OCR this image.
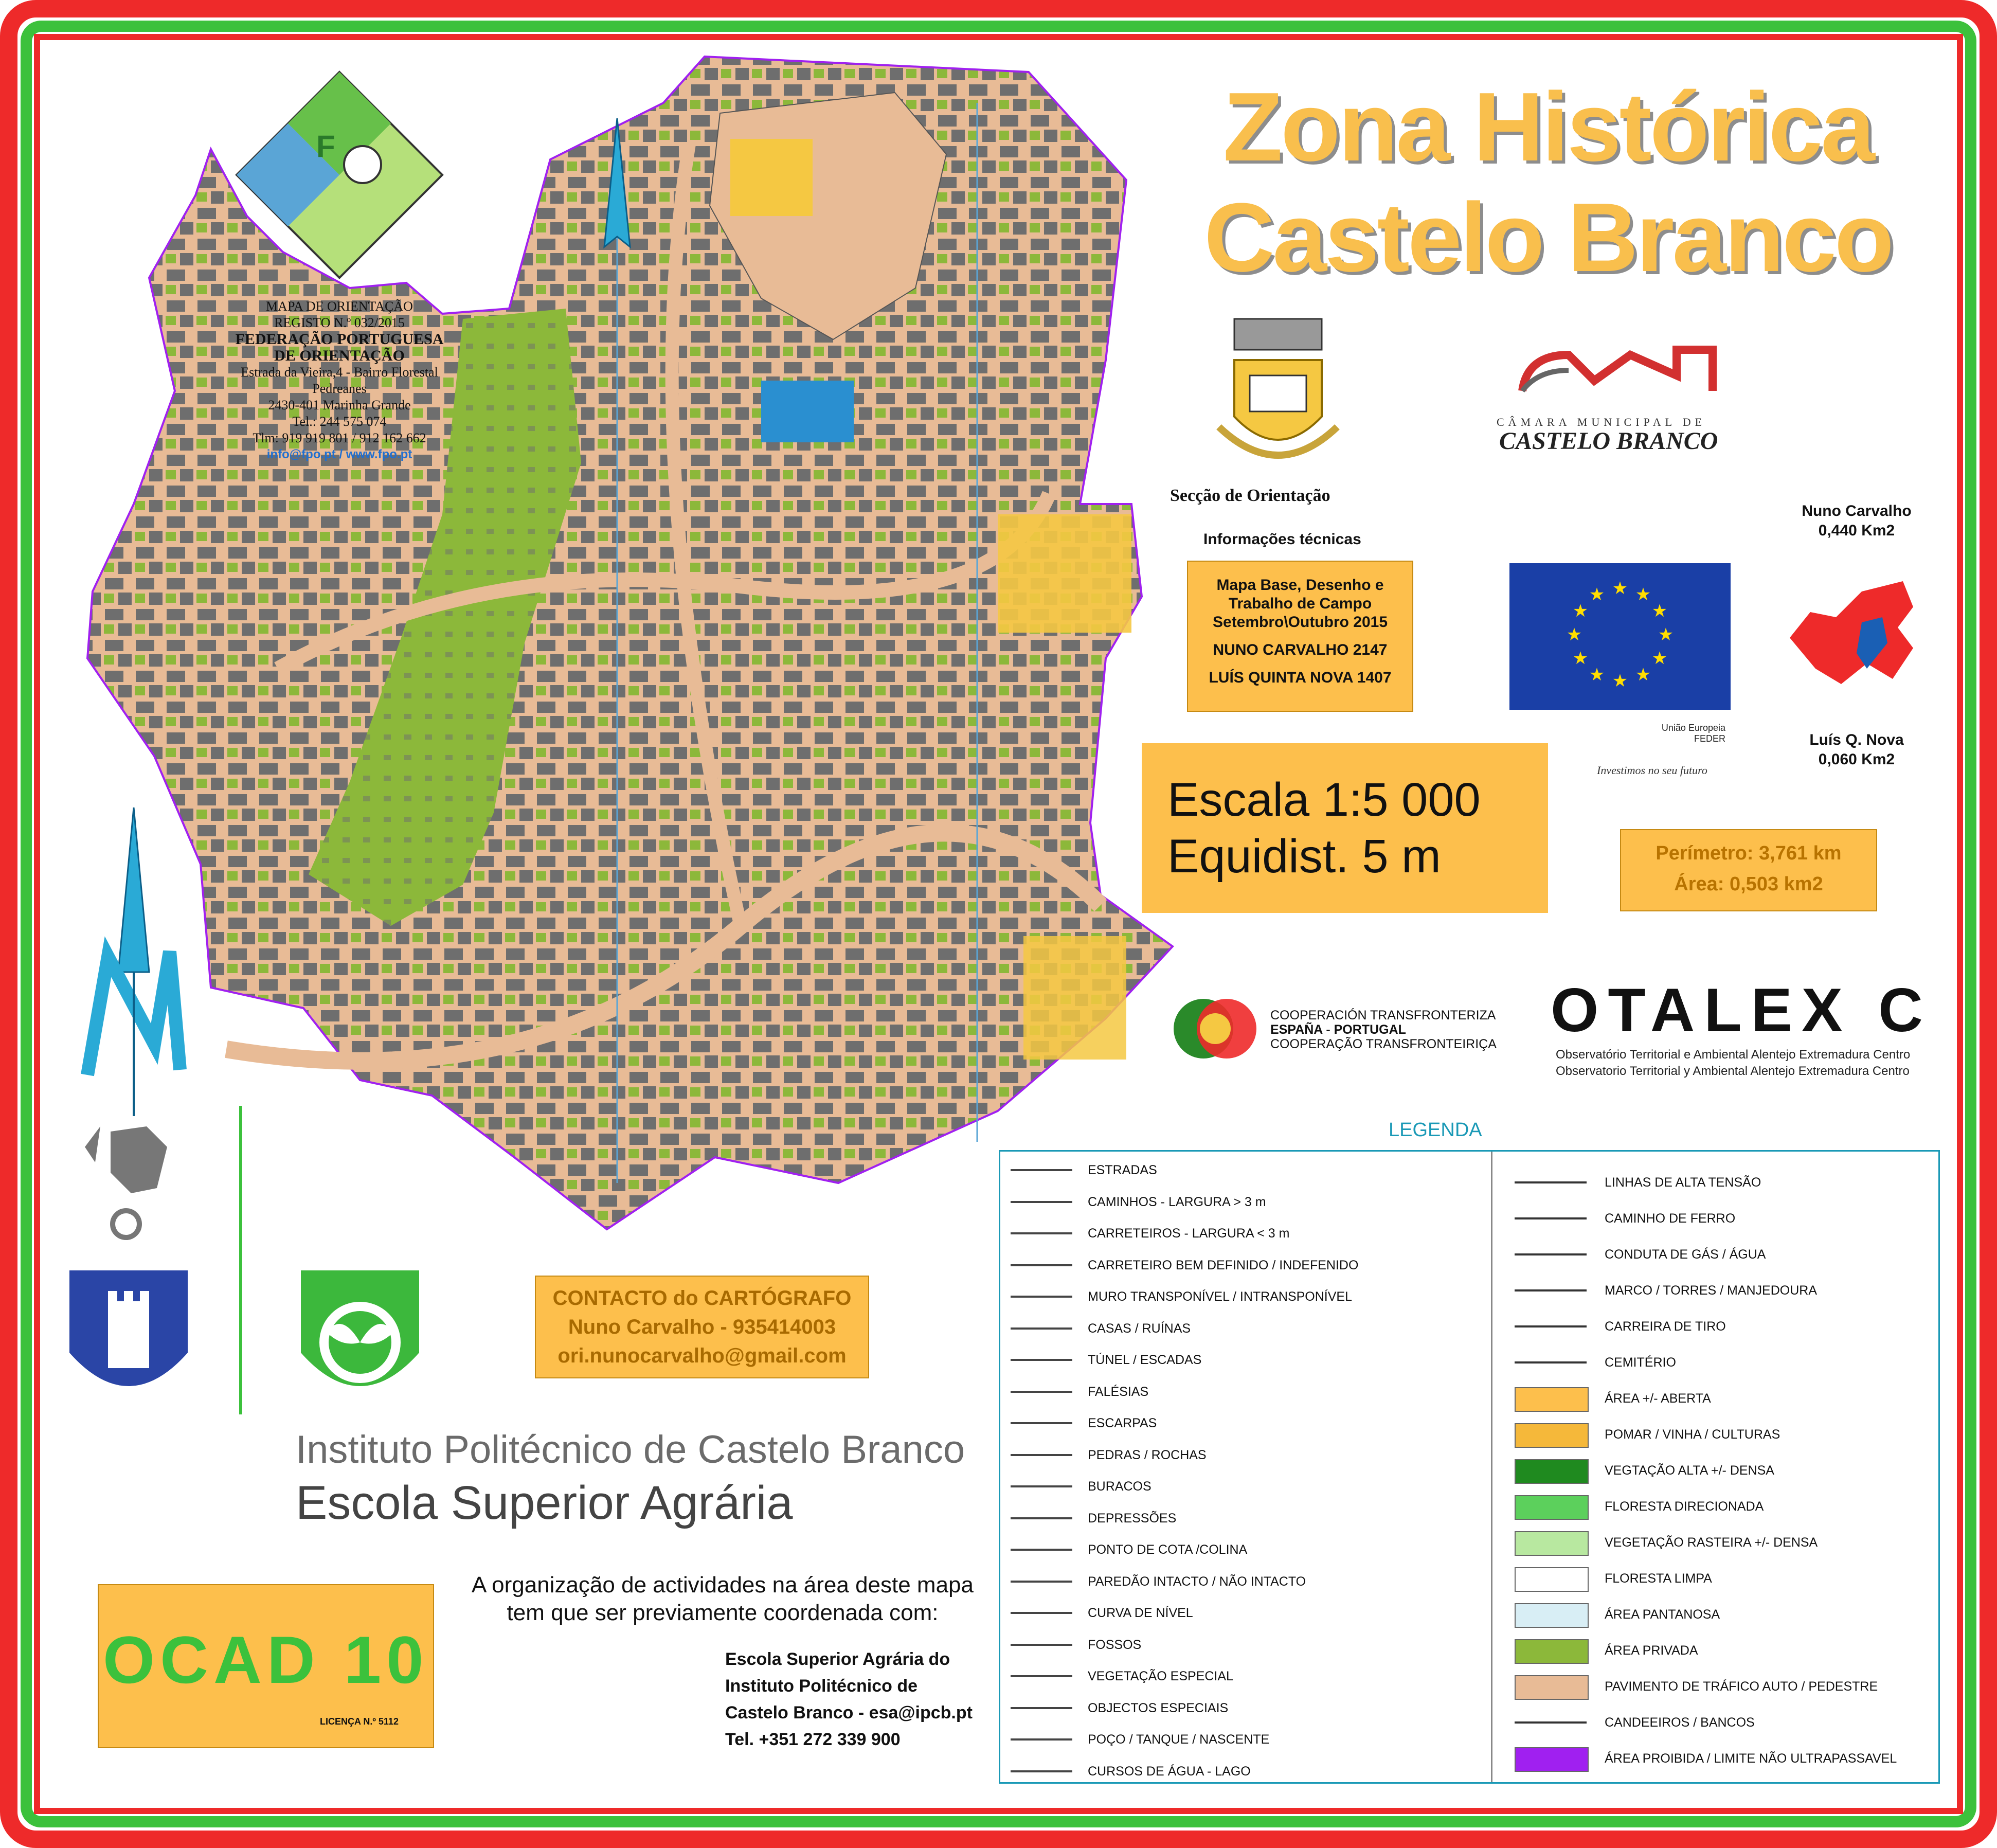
F
MAPA DE ORIENTAÇÃO
REGISTO N.º 032/2015
FEDERAÇÃO PORTUGUESA
DE ORIENTAÇÃO
Estrada da Vieira,4 - Bairro Florestal
Pedreanes
2430-401 Marinha Grande
Tel.: 244 575 074
Tlm: 919 919 801 / 912 162 662
info@fpo.pt / www.fpo.pt
Zona Histórica
Castelo Branco
Secção de Orientação
Informações técnicas

Mapa Base, Desenho e

Trabalho de Campo

Setembro\Outubro 2015

NUNO CARVALHO 2147

LUÍS QUINTA NOVA 1407

CÂMARA MUNICIPAL DE
CASTELO BRANCO
★ ★
★
★
★
★
★
★
★
★
★
★
União Europeia
FEDER
Investimos no seu futuro
Nuno Carvalho
0,440 Km2
Luís Q. Nova
0,060 Km2
Escala 1:5 000
Equidist. 5 m	Perímetro: 3,761 km
Área: 0,503 km2
COOPERACIÓN TRANSFRONTERIZA
ESPAÑA - PORTUGAL
COOPERAÇÃO TRANSFRONTEIRIÇA OTALEX C
Observatório Territorial e Ambiental Alentejo Extremadura Centro
Observatorio Territorial y Ambiental Alentejo Extremadura Centro
CONTACTO do CARTÓGRAFO
Nuno Carvalho - 935414003
ori.nunocarvalho@gmail.com
Instituto Politécnico de Castelo Branco
Escola Superior Agrária
A organização de actividades na área deste mapa
tem que ser previamente coordenada com:
Escola Superior Agrária do
Instituto Politécnico de
Castelo Branco - esa@ipcb.pt
Tel. +351 272 339 900
OCAD 10
LICENÇA N.º 5112
LEGENDA
ESTRADAS
CAMINHOS - LARGURA > 3 m
CARRETEIROS - LARGURA < 3 m
CARRETEIRO BEM DEFINIDO / INDEFENIDO
MURO TRANSPONÍVEL / INTRANSPONÍVEL
CASAS / RUÍNAS
TÚNEL / ESCADAS
FALÉSIAS
ESCARPAS
PEDRAS / ROCHAS
BURACOS
DEPRESSÕES
PONTO DE COTA /COLINA
PAREDÃO INTACTO / NÃO INTACTO
CURVA DE NÍVEL
FOSSOS
VEGETAÇÃO ESPECIAL
OBJECTOS ESPECIAIS
POÇO / TANQUE / NASCENTE
CURSOS DE ÁGUA - LAGO
LINHAS DE ALTA TENSÃO
CAMINHO DE FERRO
CONDUTA DE GÁS / ÁGUA
MARCO / TORRES / MANJEDOURA
CARREIRA DE TIRO
CEMITÉRIO
ÁREA +/- ABERTA
POMAR / VINHA / CULTURAS
VEGTAÇÃO ALTA +/- DENSA
FLORESTA DIRECIONADA
VEGETAÇÃO RASTEIRA +/- DENSA
FLORESTA LIMPA
ÁREA PANTANOSA
ÁREA PRIVADA
PAVIMENTO DE TRÁFICO AUTO / PEDESTRE
CANDEEIROS / BANCOS
ÁREA PROIBIDA / LIMITE NÃO ULTRAPASSAVEL
